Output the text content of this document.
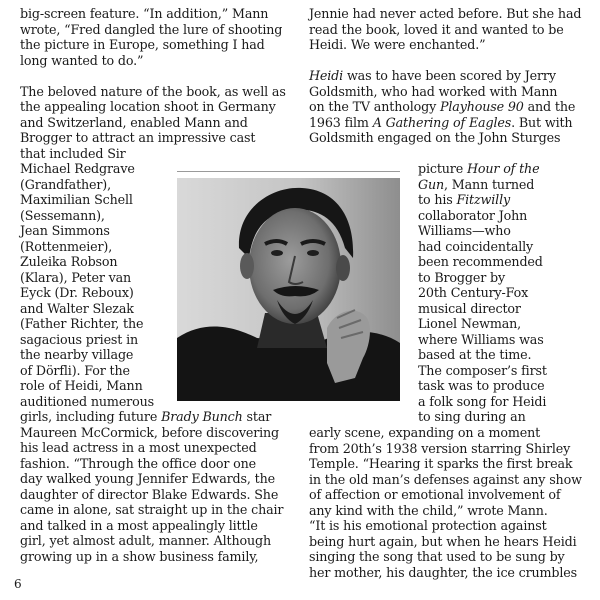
big-screen feature. “In addition,” Mann
wrote, “Fred dangled the lure of shooting
the picture in Europe, something I had
long wanted to do.”
The beloved nature of the book, as well as
the appealing location shoot in Germany
and Switzerland, enabled Mann and
Brogger to attract an impressive cast
that included Sir
Michael Redgrave
(Grandfather),
Maximilian Schell
(Sessemann),
Jean Simmons
(Rottenmeier),
Zuleika Robson
(Klara), Peter van
Eyck (Dr. Reboux)
and Walter Slezak
(Father Richter, the
sagacious priest in
the nearby village
of Dörfli). For the
role of Heidi, Mann
auditioned numerous
girls, including future Brady Bunch star
Maureen McCormick, before discovering
his lead actress in a most unexpected
fashion. “Through the office door one
day walked young Jennifer Edwards, the
daughter of director Blake Edwards. She
came in alone, sat straight up in the chair
and talked in a most appealingly little
girl, yet almost adult, manner. Although
growing up in a show business family,
Jennie had never acted before. But she had
read the book, loved it and wanted to be
Heidi. We were enchanted.”
Heidi was to have been scored by Jerry
Goldsmith, who had worked with Mann
on the TV anthology Playhouse 90 and the
1963 film A Gathering of Eagles. But with
Goldsmith engaged on the John Sturges
picture Hour of the
Gun, Mann turned
to his Fitzwilly
collaborator John
Williams—who
had coincidentally
been recommended
to Brogger by
20th Century-Fox
musical director
Lionel Newman,
where Williams was
based at the time.
The composer’s first
task was to produce
a folk song for Heidi
to sing during an
early scene, expanding on a moment
from 20th’s 1938 version starring Shirley
Temple. “Hearing it sparks the first break
in the old man’s defenses against any show
of affection or emotional involvement of
any kind with the child,” wrote Mann.
“It is his emotional protection against
being hurt again, but when he hears Heidi
singing the song that used to be sung by
her mother, his daughter, the ice crumbles
6
